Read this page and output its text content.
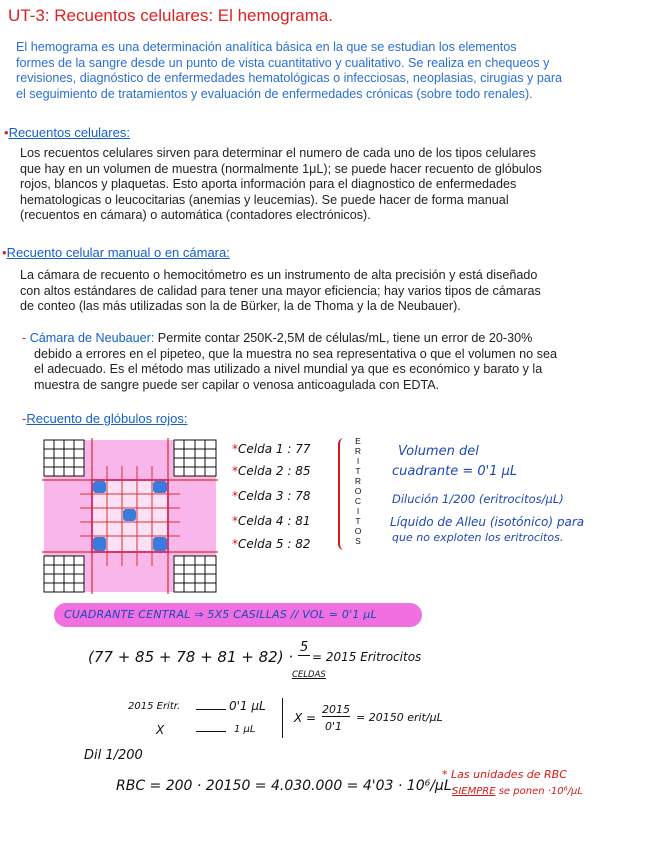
UT-3: Recuentos celulares: El hemograma.
El hemograma es una determinación analítica básica en la que se estudian los elementos
formes de la sangre desde un punto de vista cuantitativo y cualitativo. Se realiza en chequeos y
revisiones, diagnóstico de enfermedades hematológicas o infecciosas, neoplasias, cirugias y para
el seguimiento de tratamientos y evaluación de enfermedades crónicas (sobre todo renales).
•Recuentos celulares:
Los recuentos celulares sirven para determinar el numero de cada uno de los tipos celulares
que hay en un volumen de muestra (normalmente 1μL); se puede hacer recuento de glóbulos
rojos, blancos y plaquetas. Esto aporta información para el diagnostico de enfermedades
hematologicas o leucocitarias (anemias y leucemias). Se puede hacer de forma manual
(recuentos en cámara) o automática (contadores electrónicos).
•Recuento celular manual o en cámara:
La cámara de recuento o hemocitómetro es un instrumento de alta precisión y está diseñado
con altos estándares de calidad para tener una mayor eficiencia; hay varios tipos de cámaras
de conteo (las más utilizadas son la de Bürker, la de Thoma y la de Neubauer).
- Cámara de Neubauer: Permite contar 250K-2,5M de células/mL, tiene un error de 20-30%
debido a errores en el pipeteo, que la muestra no sea representativa o que el volumen no sea
el adecuado. Es el método mas utilizado a nivel mundial ya que es económico y barato y la
muestra de sangre puede ser capilar o venosa anticoagulada con EDTA.
-Recuento de glóbulos rojos:
*Celda 1 : 77
*Celda 2 : 85
*Celda 3 : 78
*Celda 4 : 81
*Celda 5 : 82
E
R
I
T
R
O
C
I
T
O
S
Volumen del
cuadrante = 0'1 μL
Dilución 1/200 (eritrocitos/μL)
Líquido de Alleu (isotónico) para
que no exploten los eritrocitos.
CUADRANTE CENTRAL ⇒ 5X5 CASILLAS // VOL = 0'1 μL
(77 + 85 + 78 + 81 + 82) ·
5
= 2015 Eritrocitos
CELDAS
2015 Eritr.	0'1 μL
X	1 μL
X =
2015
0'1
= 20150 erit/μL
Dil 1/200
RBC = 200 · 20150 = 4.030.000 = 4'03 · 10⁶/μL.
* Las unidades de RBC
SIEMPRE se ponen ·10⁶/μL
